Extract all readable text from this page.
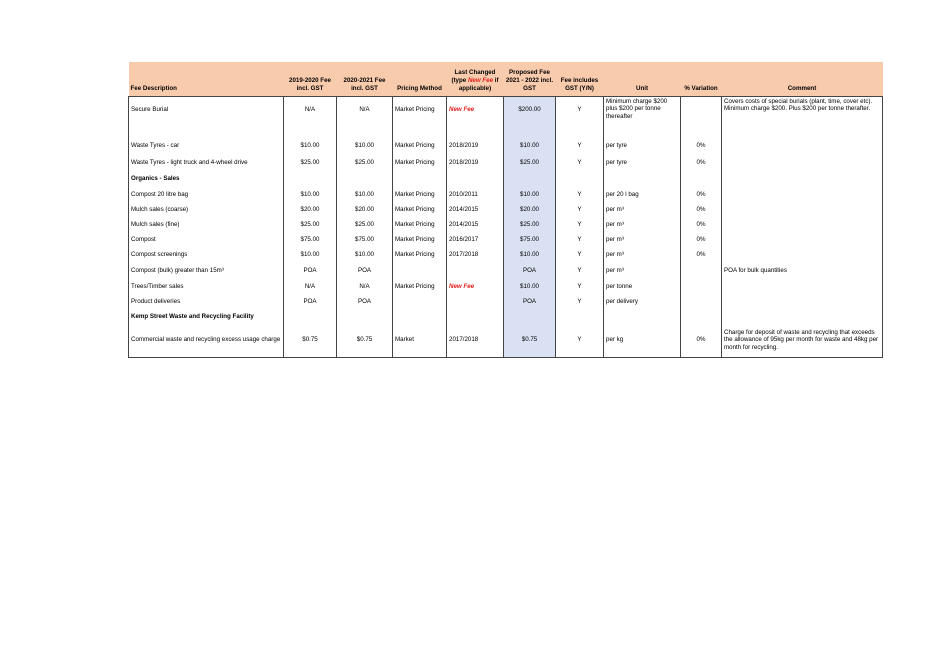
Fee Description	2019-2020 Fee incl. GST	2020-2021 Fee incl. GST	Pricing Method	Last Changed (type New Fee if applicable)	Proposed Fee 2021 - 2022 incl. GST	Fee includes GST (Y/N)	Unit	% Variation	Comment
Secure Burial	N/A	N/A	Market Pricing	New Fee	$200.00	Y	Minimum charge $200 plus $200 per tonne thereafter		Covers costs of special burials (plant, time, cover etc). Minimum charge $200. Plus $200 per tonne therafter.

Waste Tyres - car	$10.00	$10.00	Market Pricing	2018/2019	$10.00	Y	per tyre	0%	
Waste Tyres - light truck and 4-wheel drive	$25.00	$25.00	Market Pricing	2018/2019	$25.00	Y	per tyre	0%	
Organics - Sales									
Compost 20 litre bag	$10.00	$10.00	Market Pricing	2010/2011	$10.00	Y	per 20 l bag	0%	
Mulch sales (coarse)	$20.00	$20.00	Market Pricing	2014/2015	$20.00	Y	per m³	0%	
Mulch sales (fine)	$25.00	$25.00	Market Pricing	2014/2015	$25.00	Y	per m³	0%	
Compost	$75.00	$75.00	Market Pricing	2016/2017	$75.00	Y	per m³	0%	
Compost screenings	$10.00	$10.00	Market Pricing	2017/2018	$10.00	Y	per m³	0%	
Compost (bulk) greater than 15m³	POA	POA			POA	Y	per m³		POA for bulk quantities
Trees/Timber sales	N/A	N/A	Market Pricing	New Fee	$10.00	Y	per tonne		
Product deliveries	POA	POA			POA	Y	per delivery		
Kemp Street Waste and Recycling Facility									
Commercial waste and recycling excess usage charge	$0.75	$0.75	Market	2017/2018	$0.75	Y	per kg	0%	Charge for deposit of waste and recycling that exceeds the allowance of 95kg per month for waste and 48kg per month for recycling.
